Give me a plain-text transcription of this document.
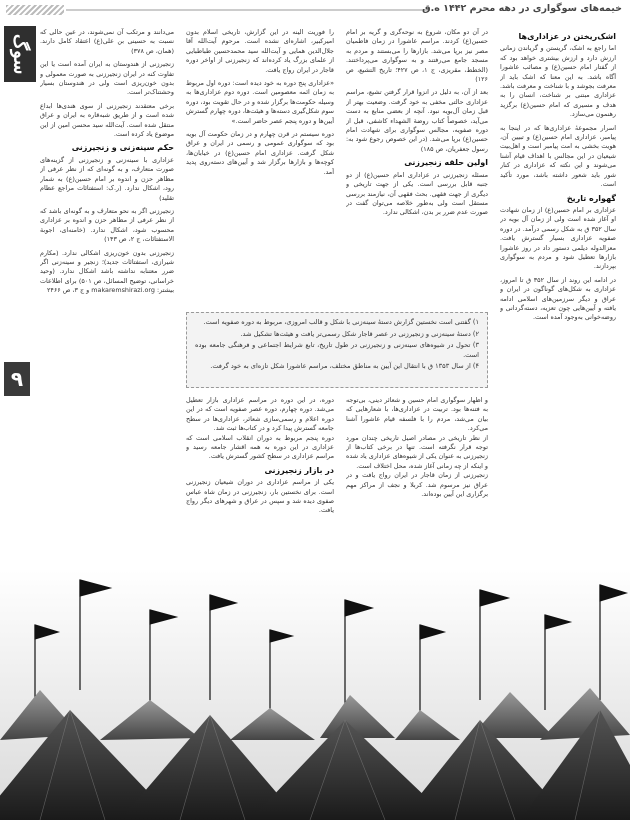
خیمه‌های سوگواری در دهه محرم ۱۴۴۲ ه.ق
سوگ
۹
اشک‌ریختن در عزاداری‌ها

اما راجع به اشک، گریستن و گریاندن زمانی ارزش دارد و ارزش بیشتری خواهد بود که از گفتار امام حسین(ع) و مصائب عاشورا آگاه باشد. به این معنا که اشک باید از معرفت بجوشد و با شناخت و معرفت باشد. عزاداری مبتنی بر شناخت، انسان را به هدف و مسیری که امام حسین(ع) برگزید رهنمون می‌سازد.

اسرار مجموعهٔ عزاداری‌ها که در اینجا به پیامبر، عزاداری امام حسین(ع) و تبیین آن، هویت بخشی به امت پیامبر است و اهل‌بیت شیعیان در این مجالس با اهداف قیام آشنا می‌شوند و این نکته که عزاداری در کنار شور باید شعور داشته باشد، مورد تأکید است.

گهواره تاریخ

عزاداری بر امام حسین(ع) از زمان شهادت او آغاز شده است ولی از زمان آل بویه در سال ۳۵۲ ق به شکل رسمی درآمد. در دوره صفویه عزاداری بسیار گسترش یافت. معزالدوله دیلمی دستور داد در روز عاشورا بازارها تعطیل شود و مردم به سوگواری بپردازند.

در ادامه این روند از سال ۳۵۲ ق تا امروز، عزاداری به شکل‌های گوناگون در ایران و عراق و دیگر سرزمین‌های اسلامی ادامه یافته و آیین‌هایی چون تعزیه، دسته‌گردانی و روضه‌خوانی به‌وجود آمده است.

در آن دو مکان، شروع به نوحه‌گری و گریه بر امام حسین(ع) کردند. مراسم عاشورا در زمان فاطمیان مصر نیز برپا می‌شد. بازارها را می‌بستند و مردم به مسجد جامع می‌رفتند و به سوگواری می‌پرداختند. (الخطط، مقریزی، ج ۱، ص ۴۲۷؛ تاریخ التشیع، ص ۱۲۶)

بعد از آن، به دلیل در انزوا قرار گرفتن تشیع، مراسم عزاداری حالتی مخفی به خود گرفت. وضعیت بهتر از قبل زمان آل‌بویه نبود. آنچه از بعضی منابع به دست می‌آید، خصوصاً کتاب روضة الشهداء کاشفی، قبل از دوره صفویه، مجالس سوگواری برای شهادت امام حسین(ع) برپا می‌شد. (در این خصوص رجوع شود به: رسول جعفریان، ص ۱۸۵)

اولین حلقه زنجیرزنی

مسئله زنجیرزنی در عزاداری امام حسین(ع) از دو جنبه قابل بررسی است. یکی از جهت تاریخی و دیگری از جهت فقهی. بحث فقهی آن، نیازمند بررسی مستقل است ولی به‌طور خلاصه می‌توان گفت در صورت عدم ضرر بر بدن، اشکالی ندارد.

را فوریت الینه در این گزارش، تاریخی اسلام بدون امیرکبیر، اشاره‌ای نشده است. مرحوم آیت‌الله آقا جلال‌الدین همایی و آیت‌الله سید محمدحسین طباطبایی از علمای بزرگ یاد کرده‌اند که زنجیرزنی از اواخر دوره قاجار در ایران رواج یافت.

«عزاداری پنج دوره به خود دیده است: دوره اول مربوط به زمان ائمه معصومین است. دوره دوم عزاداری‌ها به وسیله حکومت‌ها برگزار شده و در حال تقویت بود، دوره سوم شکل‌گیری دسته‌ها و هیئت‌ها، دوره چهارم گسترش آیین‌ها و دوره پنجم عصر حاضر است.»

دوره سیستم در قرن چهارم و در زمان حکومت آل بویه بود که سوگواری عمومی و رسمی در ایران و عراق شکل گرفت. عزاداری امام حسین(ع) در خیابان‌ها، کوچه‌ها و بازارها برگزار شد و آیین‌های دسته‌روی پدید آمد.

۱) گفتنی است نخستین گزارش دستهٔ سینه‌زنی با شکل و قالب امروزی، مربوط به دوره صفویه است.
۲) دستهٔ سینه‌زنی و زنجیرزنی در عصر قاجار شکل رسمی‌تر یافت و هیئت‌ها تشکیل شد.
۳) تحول در شیوه‌های سینه‌زنی و زنجیرزنی در طول تاریخ، تابع شرایط اجتماعی و فرهنگی جامعه بوده است.
۴) از سال ۱۳۵۳ ق با انتقال این آیین به مناطق مختلف، مراسم عاشورا شکل تازه‌ای به خود گرفت.

و اظهار سوگواری امام حسین و شعائر دینی، بی‌توجه به فتنه‌ها بود. تربیت در عزاداری‌ها، با شعارهایی که بیان می‌شد، مردم را با فلسفه قیام عاشورا آشنا می‌کرد.

از نظر تاریخی در مصادر اصیل تاریخی چندان مورد توجه قرار نگرفته است. تنها در برخی کتاب‌ها از زنجیرزنی به عنوان یکی از شیوه‌های عزاداری یاد شده و اینکه از چه زمانی آغاز شده، محل اختلاف است.

زنجیرزنی از زمان قاجار در ایران رواج یافت و در عراق نیز مرسوم شد. کربلا و نجف از مراکز مهم برگزاری این آیین بوده‌اند.

دوره، در این دوره در مراسم عزاداری بازار تعطیل می‌شد. دوره چهارم، دوره عصر صفویه است که در این دوره اعلام و رسمی‌سازی شعائر، عزاداری‌ها در سطح جامعه گسترش پیدا کرد و در کتاب‌ها ثبت شد.

دوره پنجم مربوط به دوران انقلاب اسلامی است که عزاداری در این دوره به همه اقشار جامعه رسید و مراسم عزاداری در سطح کشور گسترش یافت.

در بازار زنجیرزنی

یکی از مراسم عزاداری در دوران شیعیان زنجیرزنی است. برای نخستین بار، زنجیرزنی در زمان شاه عباس صفوی دیده شد و سپس در عراق و شهرهای دیگر رواج یافت.

می‌دانند و مرتکب آن نمی‌شوند، در عین حالی که نسبت به حسینی بن علی(ع) اعتقاد کامل دارند. (همان، ص ۳۷۸)

زنجیرزنی از هندوستان به ایران آمده است یا این تفاوت کنه در ایران زنجیرزنی به صورت معمولی و بدون خون‌ریزی است ولی در هندوستان بسیار وحشتناک‌تر است.

برخی معتقدند زنجیرزنی از سوی هندی‌ها ابداع شده است و از طریق شبه‌قاره به ایران و عراق منتقل شده است. آیت‌الله سید محسن امین از این موضوع یاد کرده است.

حکم سینه‌زنی و زنجیرزنی

عزاداری با سینه‌زنی و زنجیرزنی از گزینه‌های صورت متعارف، و به گونه‌ای که از نظر عرفی از مظاهر حزن و اندوه بر امام حسین(ع) به شمار رود، اشکال ندارد. (ر.ک: استفتائات مراجع عظام تقلید)

زنجیرزنی اگر به نحو متعارف و به گونه‌ای باشد که از نظر عرفی از مظاهر حزن و اندوه بر عزاداری محسوب شود، اشکال ندارد. (خامنه‌ای، اجوبة الاستفتائات، ج ۲، ص ۱۴۳)

زنجیرزنی بدون خون‌ریزی اشکالی ندارد. (مکارم شیرازی، استفتائات جدید)؛ زنجیر و سینه‌زنی اگر ضرر معتنابه نداشته باشد اشکال ندارد. (وحید خراسانی، توضیح المسائل، ص ۵۰۱) برای اطلاعات بیشتر: makaremshirazi.org و ج ۳، ص ۲۴۶۶
